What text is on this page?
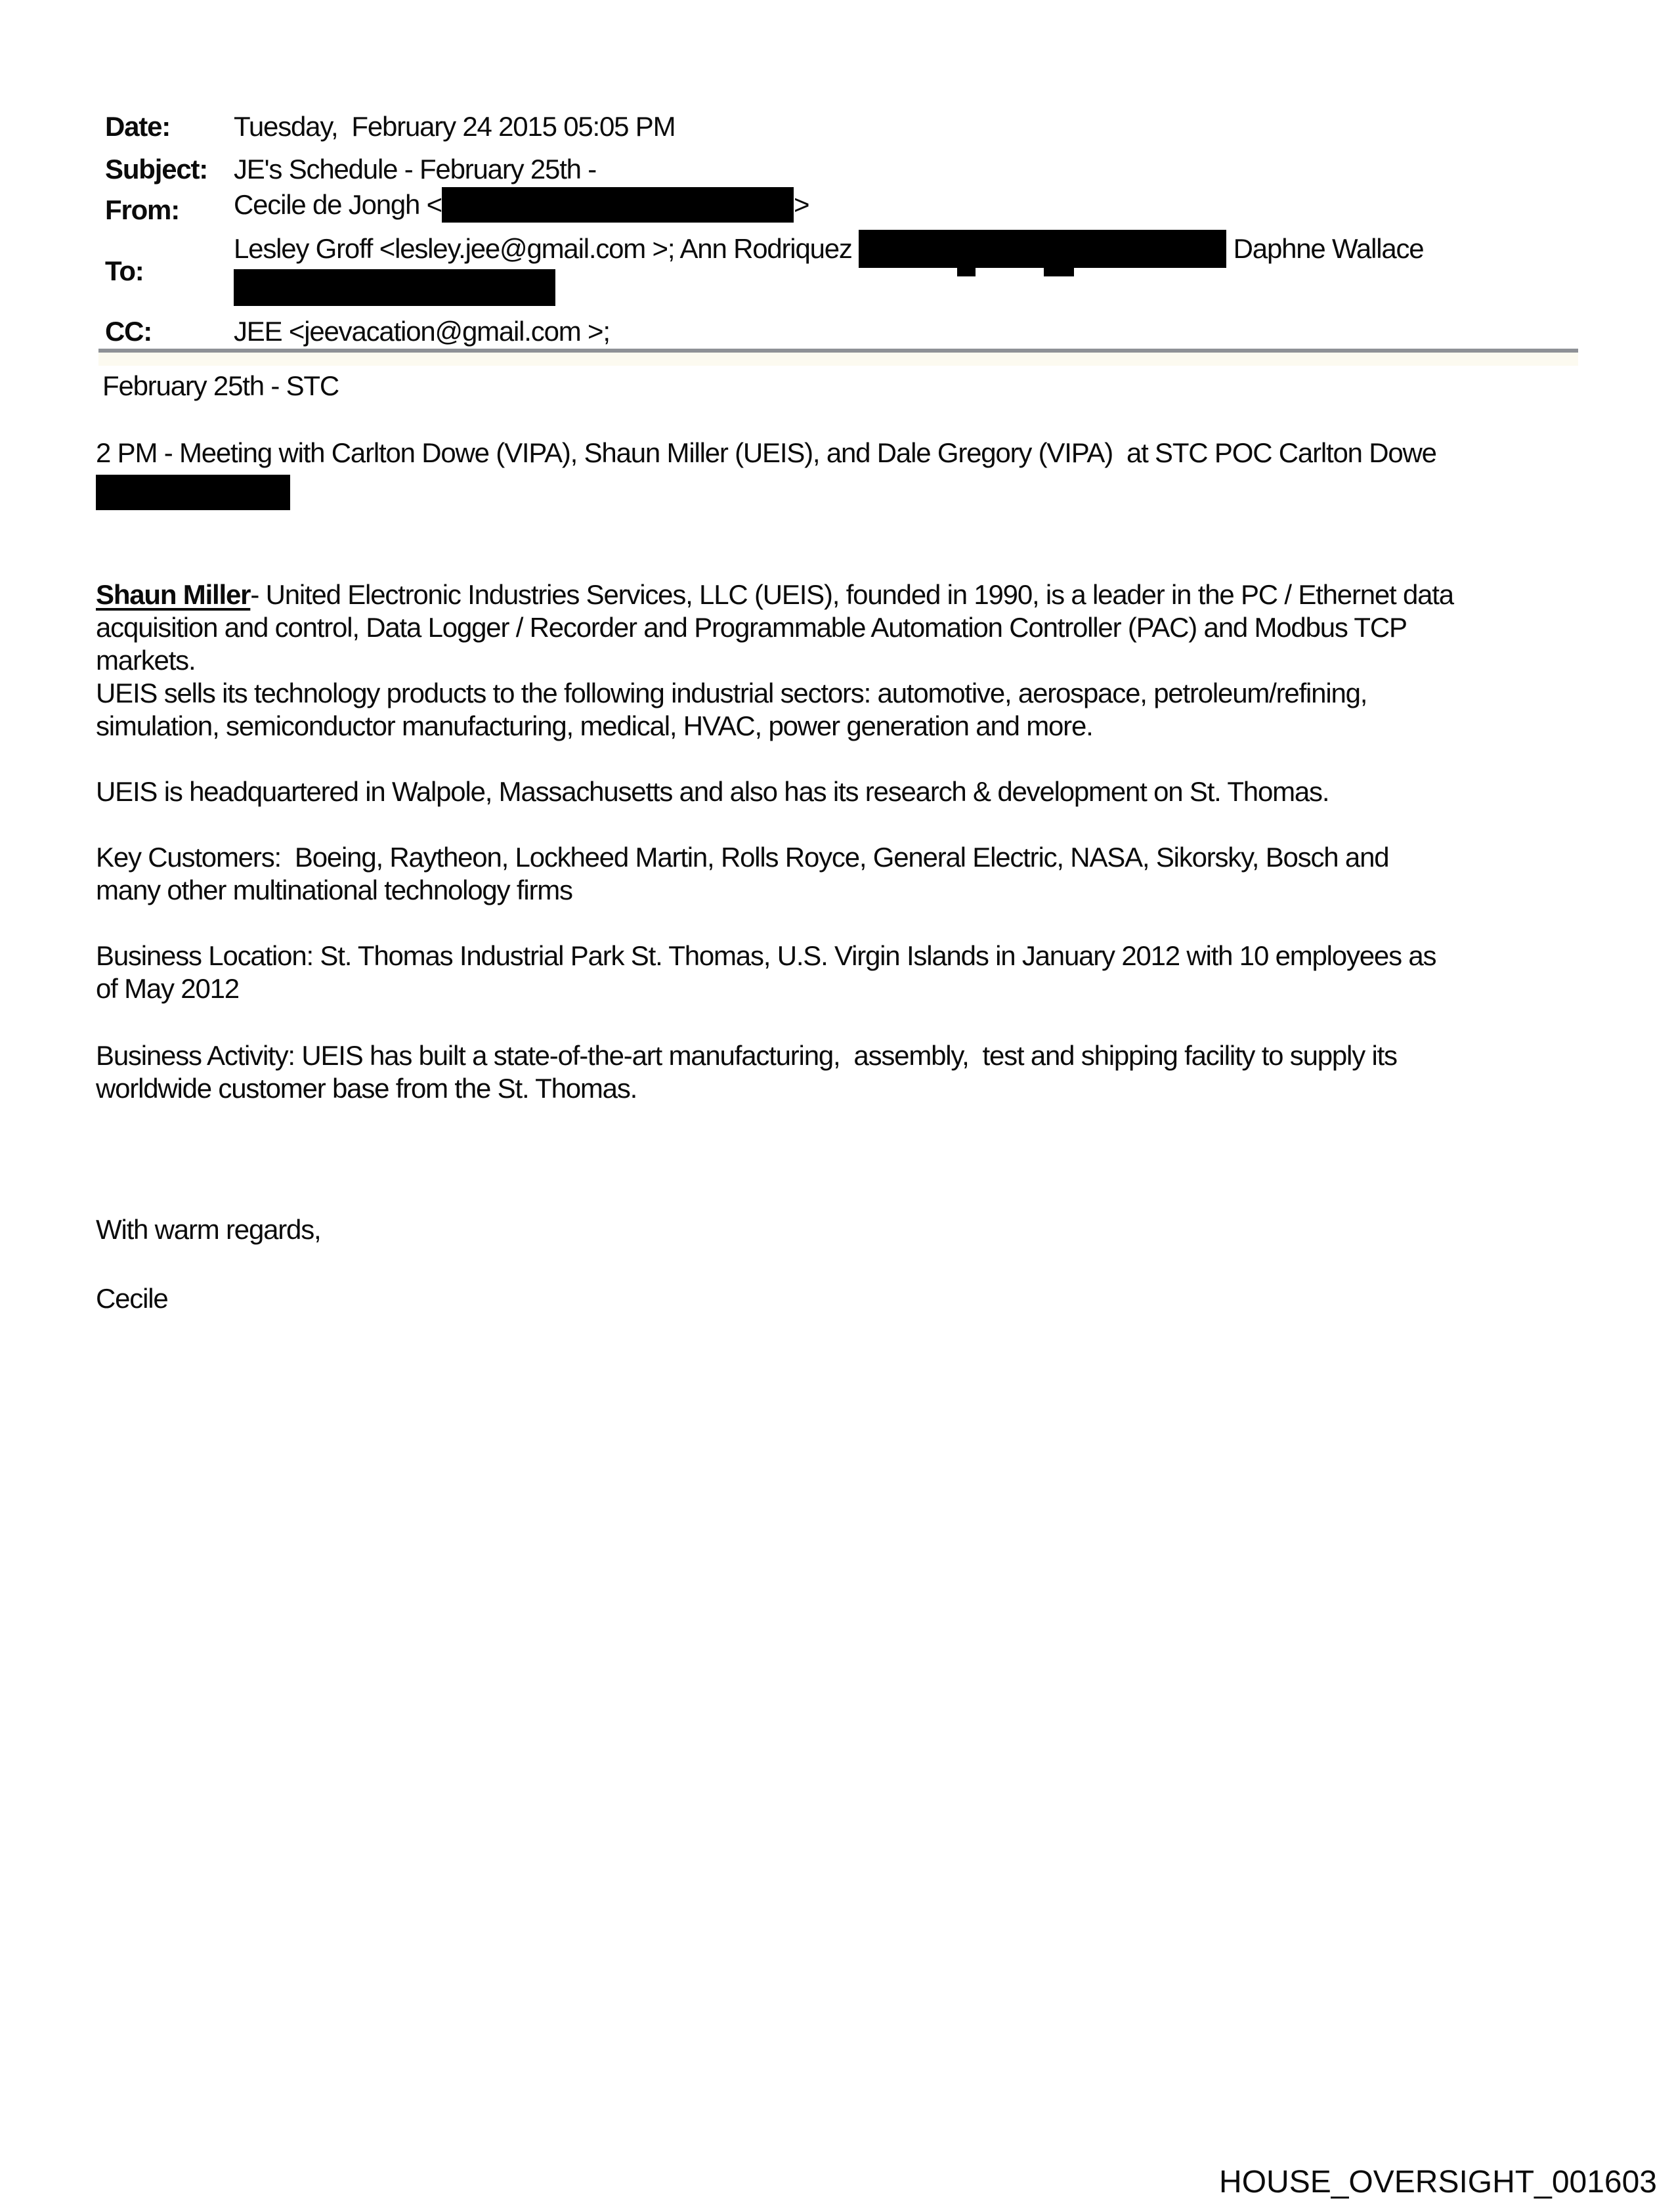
Date: Tuesday,  February 24 2015 05:05 PM
Subject: JE's Schedule - February 25th -
From: Cecile de Jongh <	>
To:
Lesley Groff <lesley.jee@gmail.com >; Ann Rodriquez	Daphne Wallace
CC:	JEE <jeevacation@gmail.com >;
February 25th - STC
2 PM - Meeting with Carlton Dowe (VIPA), Shaun Miller (UEIS), and Dale Gregory (VIPA)  at STC POC Carlton Dowe
Shaun Miller- United Electronic Industries Services, LLC (UEIS), founded in 1990, is a leader in the PC / Ethernet data
acquisition and control, Data Logger / Recorder and Programmable Automation Controller (PAC) and Modbus TCP
markets.
UEIS sells its technology products to the following industrial sectors: automotive, aerospace, petroleum/refining,
simulation, semiconductor manufacturing, medical, HVAC, power generation and more.
UEIS is headquartered in Walpole, Massachusetts and also has its research & development on St. Thomas.
Key Customers:  Boeing, Raytheon, Lockheed Martin, Rolls Royce, General Electric, NASA, Sikorsky, Bosch and
many other multinational technology firms
Business Location: St. Thomas Industrial Park St. Thomas, U.S. Virgin Islands in January 2012 with 10 employees as
of May 2012
Business Activity: UEIS has built a state-of-the-art manufacturing,  assembly,  test and shipping facility to supply its
worldwide customer base from the St. Thomas.
With warm regards,
Cecile
HOUSE_OVERSIGHT_001603
